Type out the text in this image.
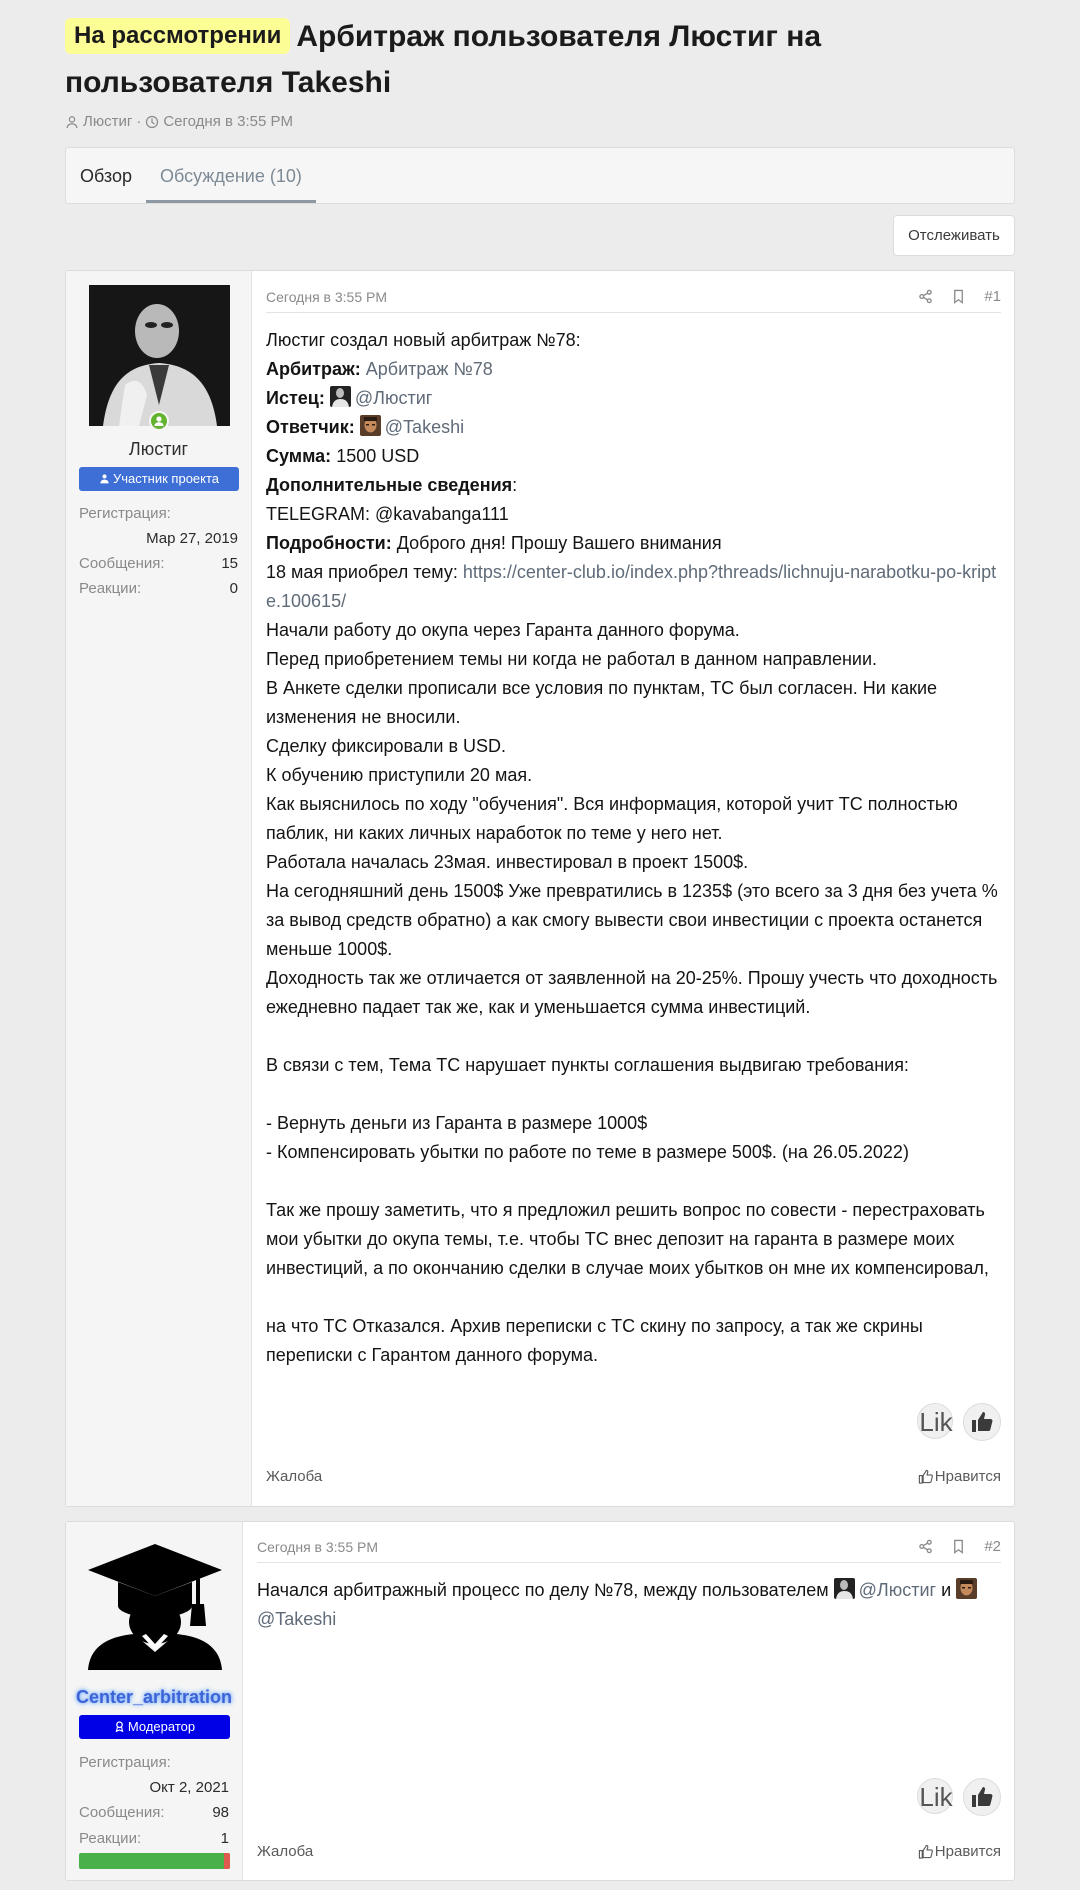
На рассмотрении Арбитраж пользователя Люстиг на пользователя Takeshi
Люстиг · Сегодня в 3:55 PM
Обзор	Обсуждение (10)
Отслеживать
Люстиг
Участник проекта
Регистрация:
Мар 27, 2019
Сообщения:	15
Реакции:	0
Сегодня в 3:55 PM	#1
Люстиг создал новый арбитраж №78:
Арбитраж: Арбитраж №78
Истец: @Люстиг
Ответчик: @Takeshi
Сумма: 1500 USD
Дополнительные сведения:
TELEGRAM: @kavabanga111
Подробности: Доброго дня! Прошу Вашего внимания
18 мая приобрел тему: https://center-club.io/index.php?threads/lichnuju-narabotku-po-kripte.100615/
Начали работу до окупа через Гаранта данного форума.
Перед приобретением темы ни когда не работал в данном направлении.
В Анкете сделки прописали все условия по пунктам, ТС был согласен. Ни какие изменения не вносили.
Сделку фиксировали в USD.
К обучению приступили 20 мая.
Как выяснилось по ходу "обучения". Вся информация, которой учит ТС полностью паблик, ни каких личных наработок по теме у него нет.
Работала началась 23мая. инвестировал в проект 1500$.
На сегодняшний день 1500$ Уже превратились в 1235$ (это всего за 3 дня без учета % за вывод средств обратно) а как смогу вывести свои инвестиции с проекта останется меньше 1000$.
Доходность так же отличается от заявленной на 20-25%. Прошу учесть что доходность ежедневно падает так же, как и уменьшается сумма инвестиций.
В связи с тем, Тема ТС нарушает пункты соглашения выдвигаю требования:
- Вернуть деньги из Гаранта в размере 1000$
- Компенсировать убытки по работе по теме в размере 500$. (на 26.05.2022)
Так же прошу заметить, что я предложил решить вопрос по совести - перестраховать мои убытки до окупа темы, т.е. чтобы ТС внес депозит на гаранта в размере моих инвестиций, а по окончанию сделки в случае моих убытков он мне их компенсировал,
на что ТС Отказался. Архив переписки с ТС скину по запросу, а так же скрины переписки с Гарантом данного форума.
Lik
Жалоба	Нравится
Center_arbitration
Модератор
Регистрация:
Окт 2, 2021
Сообщения:	98
Реакции:	1
Сегодня в 3:55 PM	#2
Начался арбитражный процесс по делу №78, между пользователем @Люстиг и @Takeshi
Lik
Жалоба	Нравится
